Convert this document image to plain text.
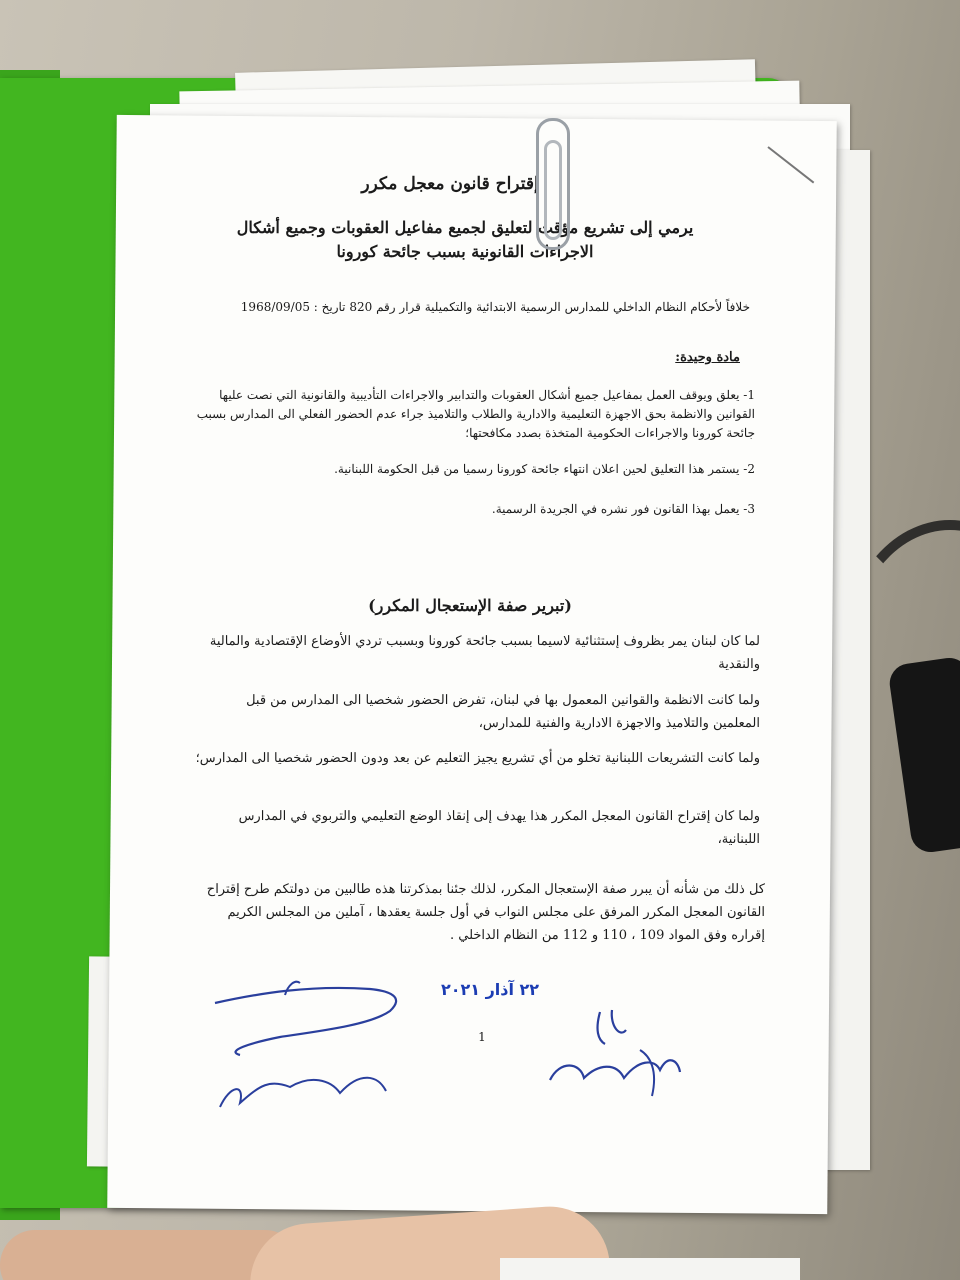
إقتراح قانون معجل مكرر
يرمي إلى تشريع مؤقت لتعليق لجميع مفاعيل العقوبات وجميع أشكال الاجراءات القانونية بسبب جائحة كورونا
خلافاً لأحكام النظام الداخلي للمدارس الرسمية الابتدائية والتكميلية قرار رقم 820 تاريخ : 1968/09/05
مادة وحيدة:
1- يعلق ويوقف العمل بمفاعيل جميع أشكال العقوبات والتدابير والاجراءات التأديبية والقانونية التي نصت عليها القوانين والانظمة بحق الاجهزة التعليمية والادارية والطلاب والتلاميذ جراء عدم الحضور الفعلي الى المدارس بسبب جائحة كورونا والاجراءات الحكومية المتخذة بصدد مكافحتها؛
2- يستمر هذا التعليق لحين اعلان انتهاء جائحة كورونا رسميا من قبل الحكومة اللبنانية.
3- يعمل بهذا القانون فور نشره في الجريدة الرسمية.
(تبرير صفة الإستعجال المكرر)
لما كان لبنان يمر بظروف إستثنائية لاسيما بسبب جائحة كورونا وبسبب تردي الأوضاع الإقتصادية والمالية والنقدية
ولما كانت الانظمة والقوانين المعمول بها في لبنان، تفرض الحضور شخصيا الى المدارس من قبل المعلمين والتلاميذ والاجهزة الادارية والفنية للمدارس،
ولما كانت التشريعات اللبنانية تخلو من أي تشريع يجيز التعليم عن بعد ودون الحضور شخصيا الى المدارس؛
ولما كان إقتراح القانون المعجل المكرر هذا يهدف إلى إنقاذ الوضع التعليمي والتربوي في المدارس اللبنانية،
كل ذلك من شأنه أن يبرر صفة الإستعجال المكرر، لذلك جئنا بمذكرتنا هذه طالبين من دولتكم طرح إقتراح القانون المعجل المكرر المرفق على مجلس النواب في أول جلسة يعقدها ، آملين من المجلس الكريم إقراره وفق المواد 109 ، 110 و 112 من النظام الداخلي .
٢٢ آذار ٢٠٢١
1
